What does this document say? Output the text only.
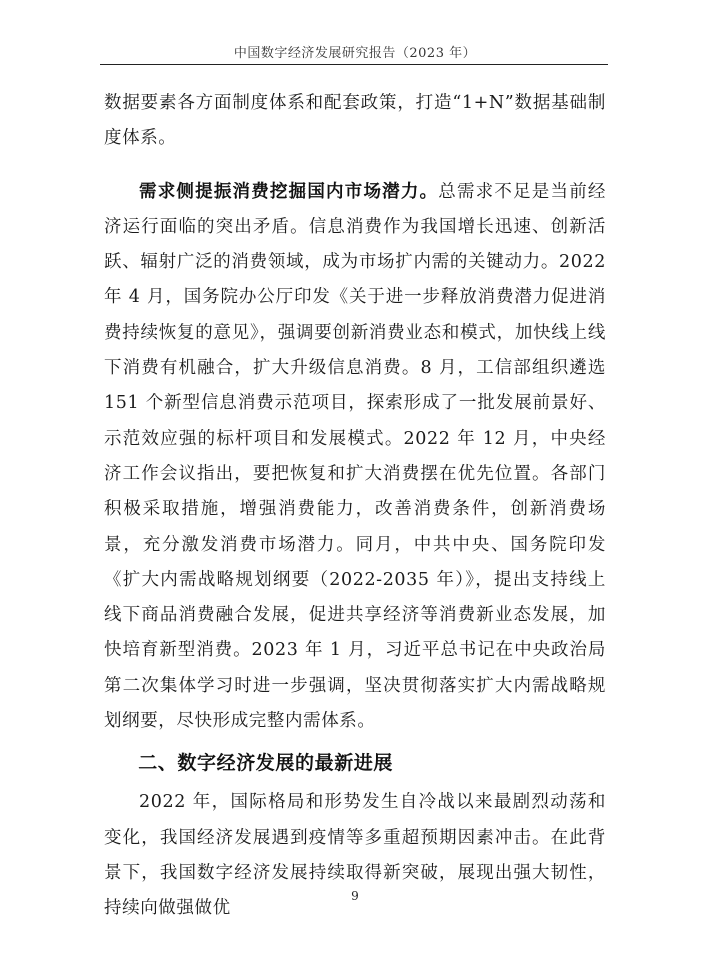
中国数字经济发展研究报告（2023 年）

数据要素各方面制度体系和配套政策，打造“1+N”数据基础制度体系。

需求侧提振消费挖掘国内市场潜力。总需求不足是当前经济运行面临的突出矛盾。信息消费作为我国增长迅速、创新活跃、辐射广泛的消费领域，成为市场扩内需的关键动力。2022 年 4 月，国务院办公厅印发《关于进一步释放消费潜力促进消费持续恢复的意见》，强调要创新消费业态和模式，加快线上线下消费有机融合，扩大升级信息消费。8 月，工信部组织遴选 151 个新型信息消费示范项目，探索形成了一批发展前景好、示范效应强的标杆项目和发展模式。2022 年 12 月，中央经济工作会议指出，要把恢复和扩大消费摆在优先位置。各部门积极采取措施，增强消费能力，改善消费条件，创新消费场景，充分激发消费市场潜力。同月，中共中央、国务院印发《扩大内需战略规划纲要（2022-2035 年）》，提出支持线上线下商品消费融合发展，促进共享经济等消费新业态发展，加快培育新型消费。2023 年 1 月，习近平总书记在中央政治局第二次集体学习时进一步强调，坚决贯彻落实扩大内需战略规划纲要，尽快形成完整内需体系。

二、数字经济发展的最新进展

2022 年，国际格局和形势发生自冷战以来最剧烈动荡和变化，我国经济发展遇到疫情等多重超预期因素冲击。在此背景下，我国数字经济发展持续取得新突破，展现出强大韧性，持续向做强做优

9
